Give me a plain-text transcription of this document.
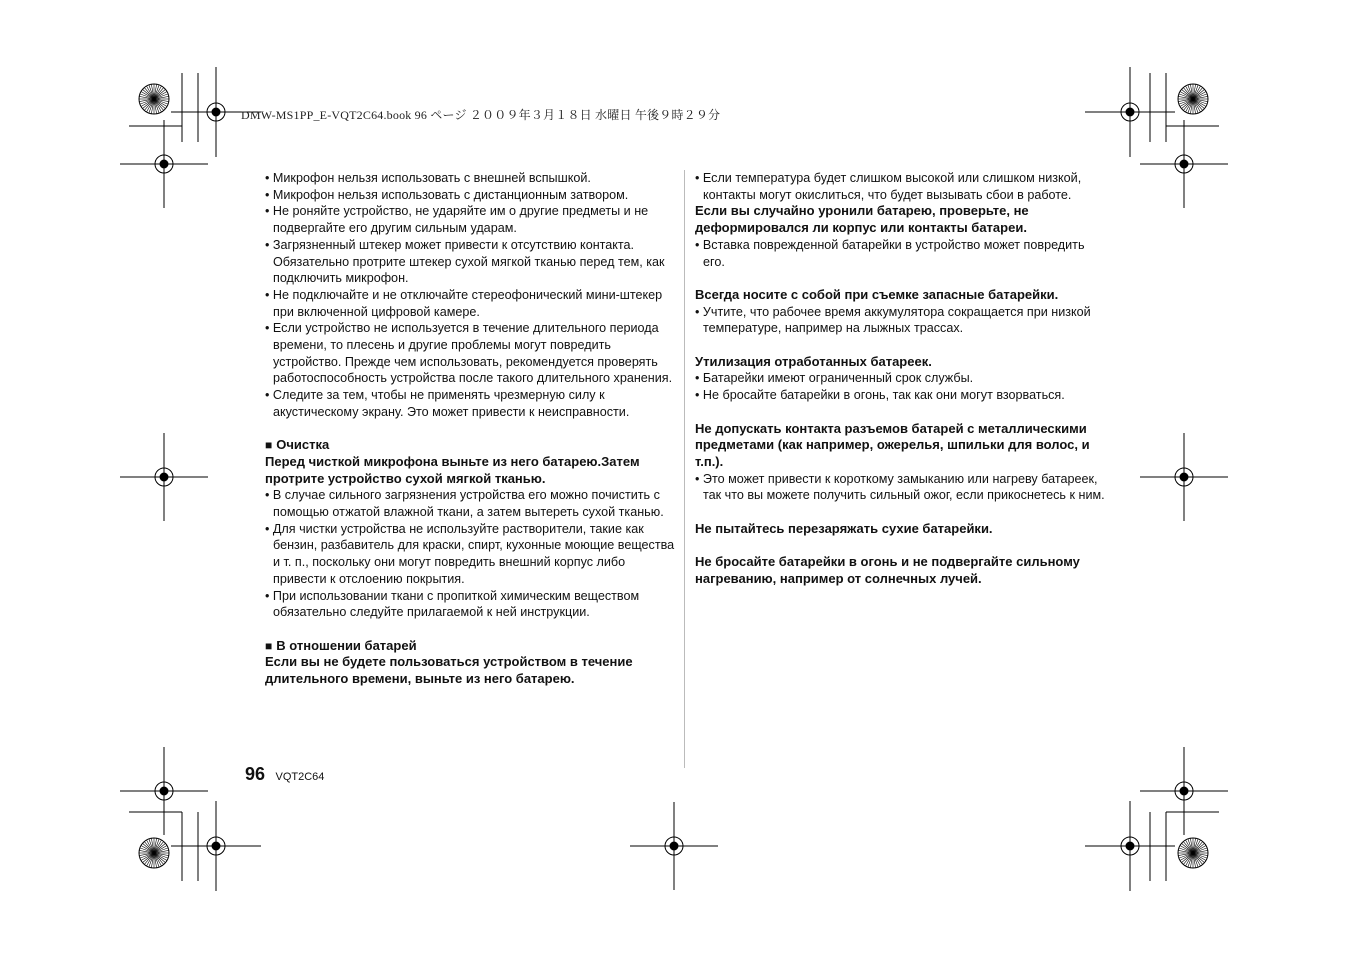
DMW-MS1PP_E-VQT2C64.book 96 ページ ２００９年３月１８日 水曜日 午後９時２９分

• Микрофон нельзя использовать с внешней вспышкой.

• Микрофон нельзя использовать с дистанционным затвором.

• Не роняйте устройство, не ударяйте им о другие предметы и не подвергайте его другим сильным ударам.

• Загрязненный штекер может привести к отсутствию контакта. Обязательно протрите штекер сухой мягкой тканью перед тем, как подключить микрофон.

• Не подключайте и не отключайте стереофонический мини-штекер при включенной цифровой камере.

• Если устройство не используется в течение длительного периода времени, то плесень и другие проблемы могут повредить устройство. Прежде чем использовать, рекомендуется проверять работоспособность устройства после такого длительного хранения.

• Следите за тем, чтобы не применять чрезмерную силу к акустическому экрану. Это может привести к неисправности.

■ Очистка

Перед чисткой микрофона выньте из него батарею.Затем протрите устройство сухой мягкой тканью.

• В случае сильного загрязнения устройства его можно почистить с помощью отжатой влажной ткани, а затем вытереть сухой тканью.

• Для чистки устройства не используйте растворители, такие как бензин, разбавитель для краски, спирт, кухонные моющие вещества и т. п., поскольку они могут повредить внешний корпус либо привести к отслоению покрытия.

• При использовании ткани с пропиткой химическим веществом обязательно следуйте прилагаемой к ней инструкции.

■ В отношении батарей

Если вы не будете пользоваться устройством в течение длительного времени, выньте из него батарею.

• Если температура будет слишком высокой или слишком низкой, контакты могут окислиться, что будет вызывать сбои в работе.

Если вы случайно уронили батарею, проверьте, не деформировался ли корпус или контакты батареи.

• Вставка поврежденной батарейки в устройство может повредить его.

Всегда носите с собой при съемке запасные батарейки.

• Учтите, что рабочее время аккумулятора сокращается при низкой температуре, например на лыжных трассах.

Утилизация отработанных батареек.

• Батарейки имеют ограниченный срок службы.

• Не бросайте батарейки в огонь, так как они могут взорваться.

Не допускать контакта разъемов батарей с металлическими предметами (как например, ожерелья, шпильки для волос, и т.п.).

• Это может привести к короткому замыканию или нагреву батареек, так что вы можете получить сильный ожог, если прикоснетесь к ним.

Не пытайтесь перезаряжать сухие батарейки.

Не бросайте батарейки в огонь и не подвергайте сильному нагреванию, например от солнечных лучей.

96 VQT2C64
